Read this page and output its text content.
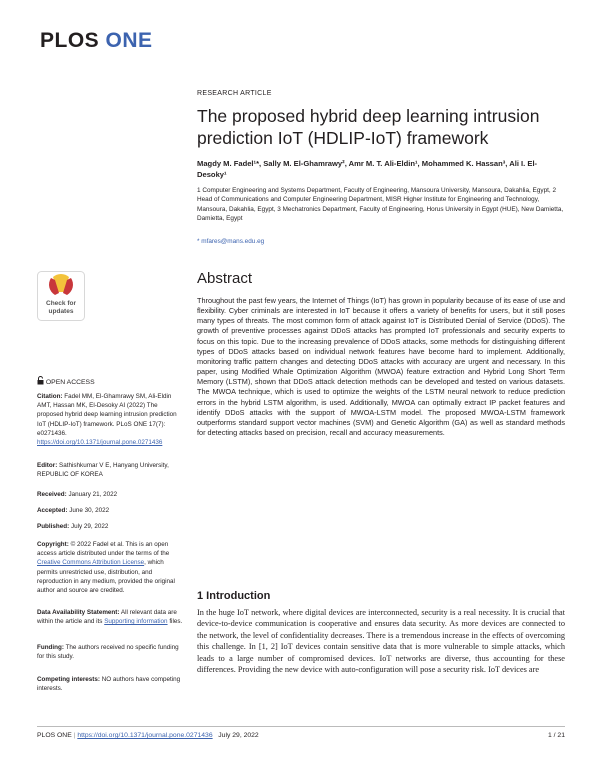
PLOS ONE
Check for
updates
OPEN ACCESS
Citation: Fadel MM, El-Ghamrawy SM, Ali-Eldin AMT, Hassan MK, El-Desoky AI (2022) The proposed hybrid deep learning intrusion prediction IoT (HDLIP-IoT) framework. PLoS ONE 17(7): e0271436. https://doi.org/10.1371/journal.pone.0271436
Editor: Sathishkumar V E, Hanyang University, REPUBLIC OF KOREA
Received: January 21, 2022
Accepted: June 30, 2022
Published: July 29, 2022
Copyright: © 2022 Fadel et al. This is an open access article distributed under the terms of the Creative Commons Attribution License, which permits unrestricted use, distribution, and reproduction in any medium, provided the original author and source are credited.
Data Availability Statement: All relevant data are within the article and its Supporting information files.
Funding: The authors received no specific funding for this study.
Competing interests: NO authors have competing interests.
RESEARCH ARTICLE
The proposed hybrid deep learning intrusion prediction IoT (HDLIP-IoT) framework
Magdy M. Fadel¹*, Sally M. El-Ghamrawy², Amr M. T. Ali-Eldin¹, Mohammed K. Hassan³, Ali I. El-Desoky¹
1 Computer Engineering and Systems Department, Faculty of Engineering, Mansoura University, Mansoura, Dakahlia, Egypt, 2 Head of Communications and Computer Engineering Department, MISR Higher Institute for Engineering and Technology, Mansoura, Dakahlia, Egypt, 3 Mechatronics Department, Faculty of Engineering, Horus University in Egypt (HUE), New Damietta, Damietta, Egypt
* mfares@mans.edu.eg
Abstract
Throughout the past few years, the Internet of Things (IoT) has grown in popularity because of its ease of use and flexibility. Cyber criminals are interested in IoT because it offers a variety of benefits for users, but it still poses many types of threats. The most common form of attack against IoT is Distributed Denial of Service (DDoS). The growth of preventive processes against DDoS attacks has prompted IoT professionals and security experts to focus on this topic. Due to the increasing prevalence of DDoS attacks, some methods for distinguishing different types of DDoS attacks based on individual network features have become hard to implement. Additionally, monitoring traffic pattern changes and detecting DDoS attacks with accuracy are urgent and necessary. In this paper, using Modified Whale Optimization Algorithm (MWOA) feature extraction and Hybrid Long Short Term Memory (LSTM), shown that DDoS attack detection methods can be developed and tested on various datasets. The MWOA technique, which is used to optimize the weights of the LSTM neural network to reduce prediction errors in the hybrid LSTM algorithm, is used. Additionally, MWOA can optimally extract IP packet features and identify DDoS attacks with the support of MWOA-LSTM model. The proposed MWOA-LSTM framework outperforms standard support vector machines (SVM) and Genetic Algorithm (GA) as well as standard methods for detecting attacks based on precision, recall and accuracy measurements.
1 Introduction
In the huge IoT network, where digital devices are interconnected, security is a real necessity. It is crucial that device-to-device communication is cooperative and ensures data security. As more devices are connected to the network, the level of confidentiality decreases. There is a tremendous increase in the effects of overcoming this challenge. In [1, 2] IoT devices contain sensitive data that is more vulnerable to simple attacks, which leads to a large number of compromised devices. IoT networks are diverse, thus accounting for these differences. Providing the new device with auto-configuration will pose a security risk. IoT devices are
PLOS ONE | https://doi.org/10.1371/journal.pone.0271436 July 29, 2022	1 / 21
